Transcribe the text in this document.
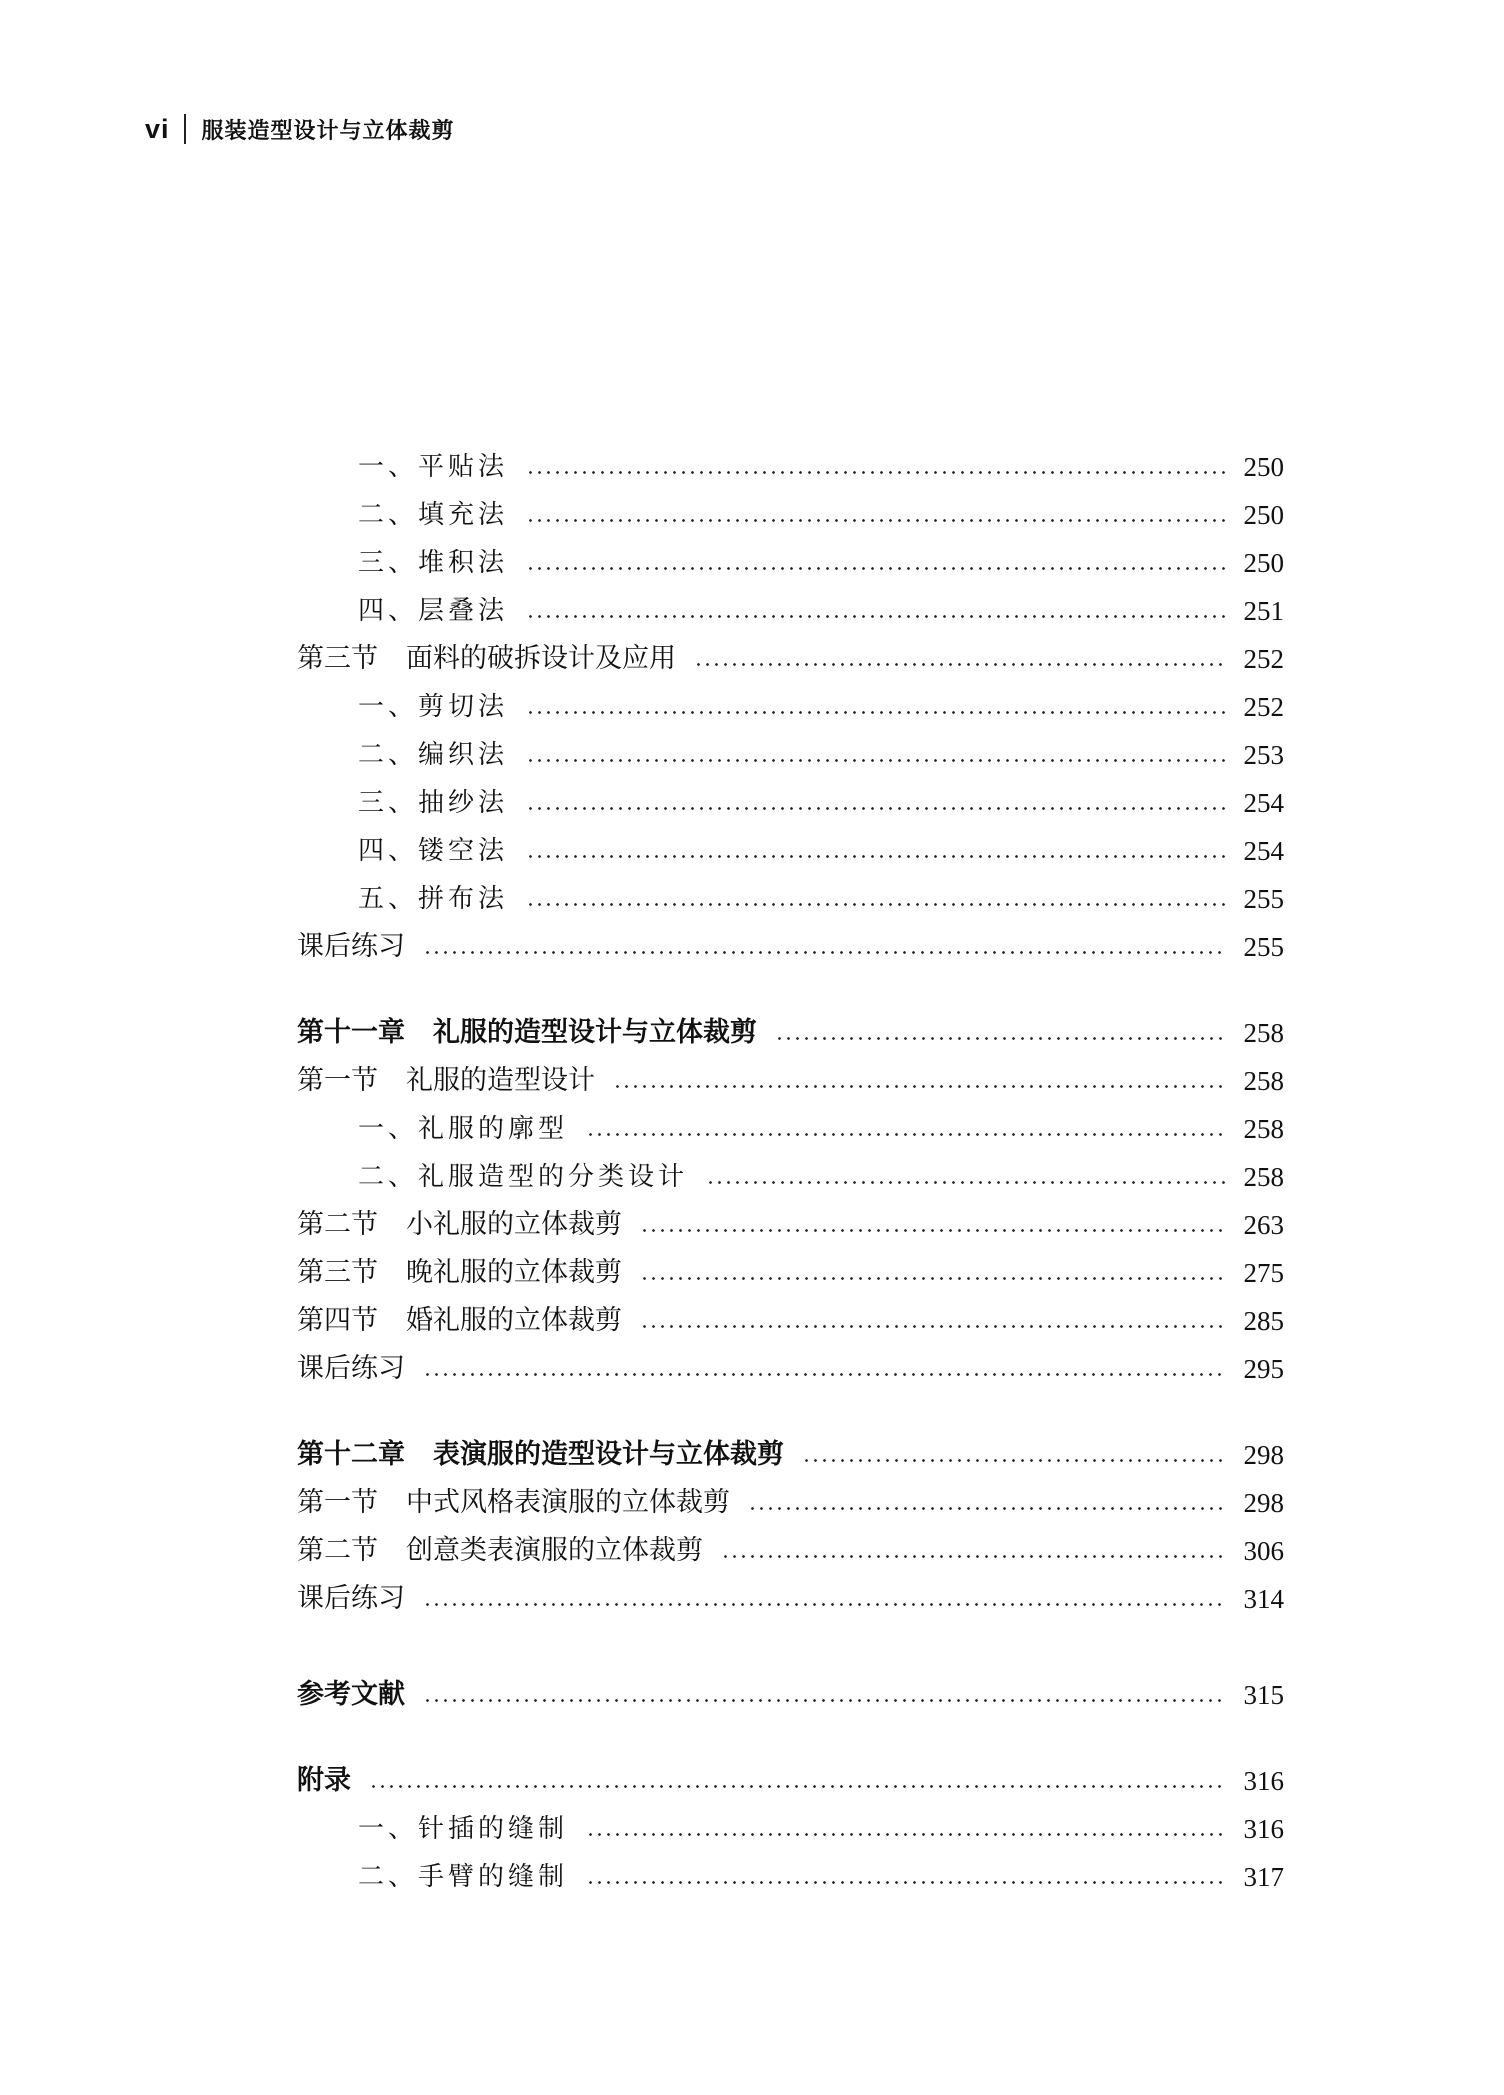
vi 服装造型设计与立体裁剪
一、平贴法	250
二、填充法	250
三、堆积法	250
四、层叠法	251
第三节 面料的破拆设计及应用	252
一、剪切法	252
二、编织法	253
三、抽纱法	254
四、镂空法	254
五、拼布法	255
课后练习	255
第十一章 礼服的造型设计与立体裁剪	258
第一节 礼服的造型设计	258
一、礼服的廓型	258
二、礼服造型的分类设计	258
第二节 小礼服的立体裁剪	263
第三节 晚礼服的立体裁剪	275
第四节 婚礼服的立体裁剪	285
课后练习	295
第十二章 表演服的造型设计与立体裁剪	298
第一节 中式风格表演服的立体裁剪	298
第二节 创意类表演服的立体裁剪	306
课后练习	314
参考文献	315
附录	316
一、针插的缝制	316
二、手臂的缝制	317
